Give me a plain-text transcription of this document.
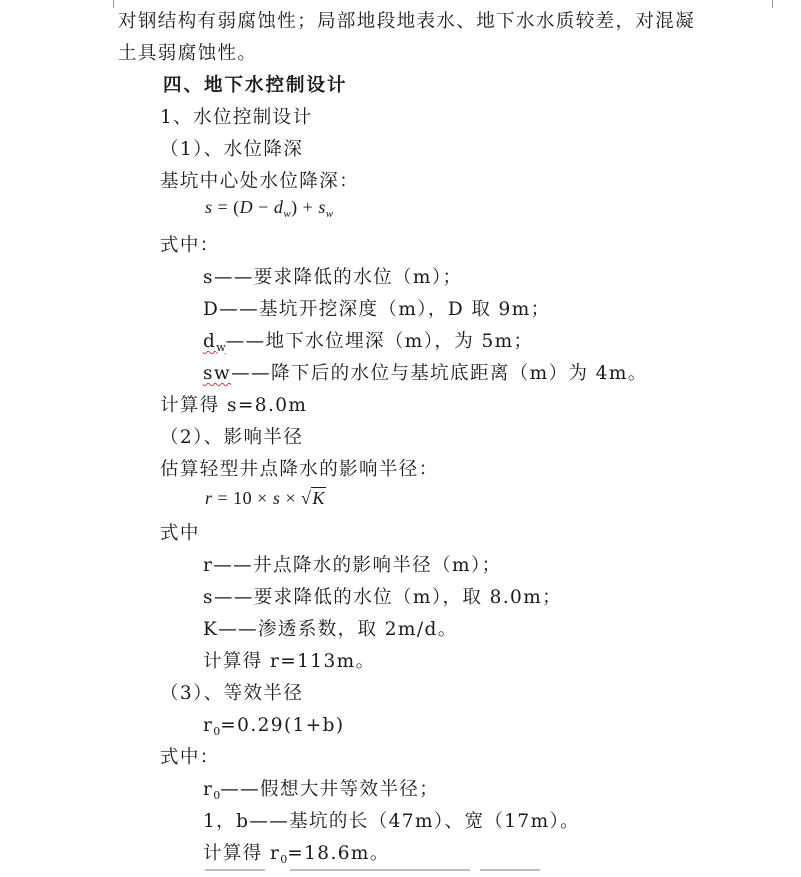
对钢结构有弱腐蚀性；局部地段地表水、地下水水质较差，对混凝
土具弱腐蚀性。
四、地下水控制设计
1、水位控制设计
（1）、水位降深
基坑中心处水位降深：
$s = (D - d_w) + s_w$
式中：
s——要求降低的水位（m）；
D——基坑开挖深度（m），D 取 9m；
$d_w——$地下水位埋深（m），为 5m；
sw——降下后的水位与基坑底距离（m）为 4m。
计算得 s=8.0m
（2）、影响半径
估算轻型井点降水的影响半径：
r = 10 × s × √K
式中
r——井点降水的影响半径（m）；
s——要求降低的水位（m），取 8.0m；
K——渗透系数，取 2m/d。
计算得 r=113m。
（3）、等效半径
$r_0=0.29(1+b)$
式中：
$r_0——$假想大井等效半径；
1，b——基坑的长（47m）、宽（17m）。
计算得 $r_0=18.6m$。
